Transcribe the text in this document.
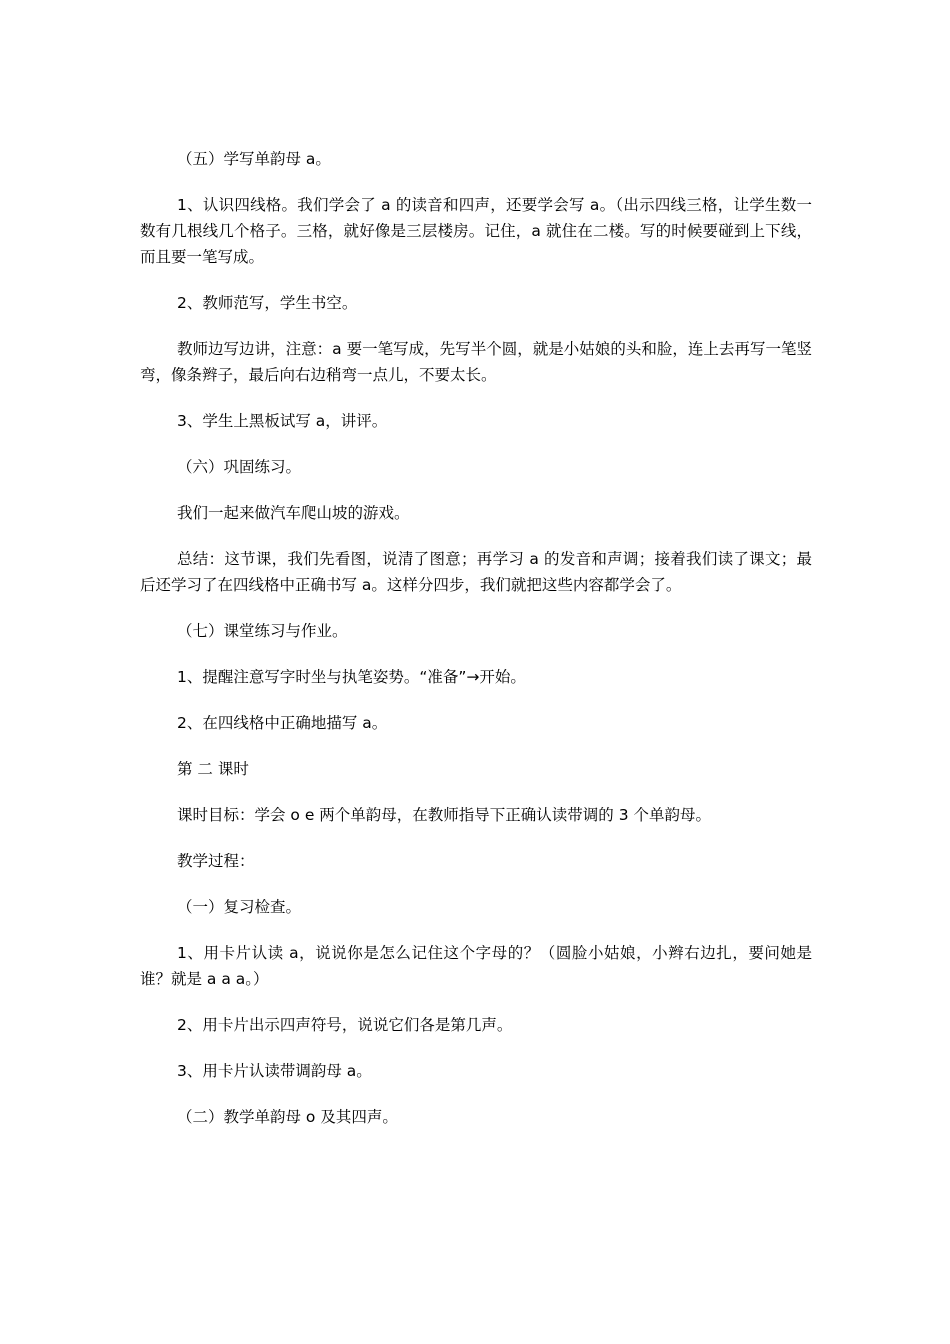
（五）学写单韵母 a。

1、认识四线格。我们学会了 a 的读音和四声，还要学会写 a。（出示四线三格，让学生数一数有几根线几个格子。三格，就好像是三层楼房。记住，a 就住在二楼。写的时候要碰到上下线，而且要一笔写成。

2、教师范写，学生书空。

教师边写边讲，注意：a 要一笔写成，先写半个圆，就是小姑娘的头和脸，连上去再写一笔竖弯，像条辫子，最后向右边稍弯一点儿，不要太长。

3、学生上黑板试写 a，讲评。

（六）巩固练习。

我们一起来做汽车爬山坡的游戏。

总结：这节课，我们先看图，说清了图意；再学习 a 的发音和声调；接着我们读了课文；最后还学习了在四线格中正确书写 a。这样分四步，我们就把这些内容都学会了。

（七）课堂练习与作业。

1、提醒注意写字时坐与执笔姿势。“准备”→开始。

2、在四线格中正确地描写 a。

第 二 课时

课时目标：学会 o e 两个单韵母，在教师指导下正确认读带调的 3 个单韵母。

教学过程：

（一）复习检查。

1、用卡片认读 a，说说你是怎么记住这个字母的？（圆脸小姑娘，小辫右边扎，要问她是谁？就是 a a a。）

2、用卡片出示四声符号，说说它们各是第几声。

3、用卡片认读带调韵母 a。

（二）教学单韵母 o 及其四声。
